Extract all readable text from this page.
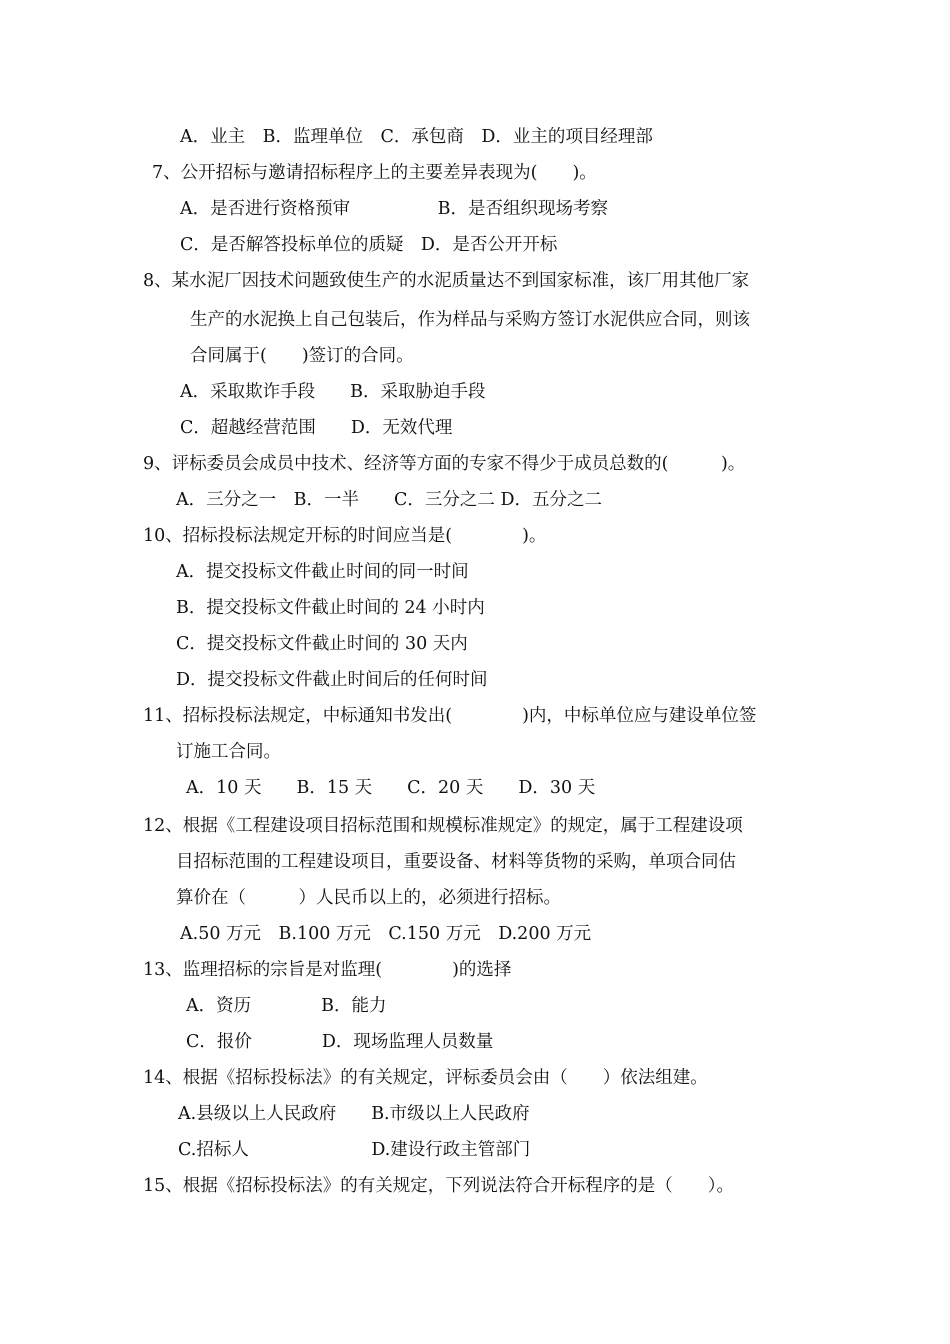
A．业主　B．监理单位　C．承包商　D．业主的项目经理部
7、公开招标与邀请招标程序上的主要差异表现为(　　)。
A．是否进行资格预审　　　　　B．是否组织现场考察
C．是否解答投标单位的质疑　D．是否公开开标
8、某水泥厂因技术问题致使生产的水泥质量达不到国家标准，该厂用其他厂家
生产的水泥换上自己包装后，作为样品与采购方签订水泥供应合同，则该
合同属于(　　)签订的合同。
A．采取欺诈手段　　B．采取胁迫手段
C．超越经营范围　　D．无效代理
9、评标委员会成员中技术、经济等方面的专家不得少于成员总数的(　　　)。
A．三分之一　B．一半　　C．三分之二 D．五分之二
10、招标投标法规定开标的时间应当是(　　　　)。
A．提交投标文件截止时间的同一时间
B．提交投标文件截止时间的 24 小时内
C．提交投标文件截止时间的 30 天内
D．提交投标文件截止时间后的任何时间
11、招标投标法规定，中标通知书发出(　　　　)内，中标单位应与建设单位签
订施工合同。
A．10 天　　B．15 天　　C．20 天　　D．30 天
12、根据《工程建设项目招标范围和规模标准规定》的规定，属于工程建设项
目招标范围的工程建设项目，重要设备、材料等货物的采购，单项合同估
算价在（　　　）人民币以上的，必须进行招标。
A.50 万元　B.100 万元　C.150 万元　D.200 万元
13、监理招标的宗旨是对监理(　　　　)的选择
A．资历　　　　B．能力
C．报价　　　　D．现场监理人员数量
14、根据《招标投标法》的有关规定，评标委员会由（　　）依法组建。
A.县级以上人民政府　　B.市级以上人民政府
C.招标人　　　　　　　D.建设行政主管部门
15、根据《招标投标法》的有关规定，下列说法符合开标程序的是（　　）。
